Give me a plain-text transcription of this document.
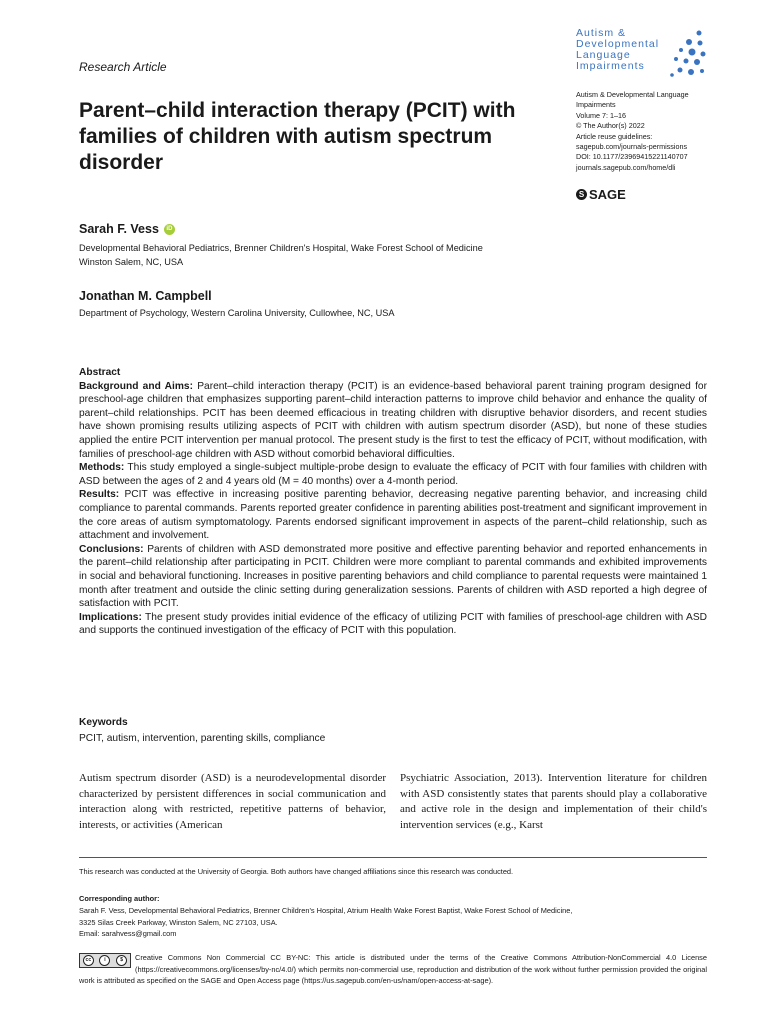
Research Article
Autism &
Developmental
Language
Impairments
Autism & Developmental Language
Impairments
Volume 7: 1–16
© The Author(s) 2022
Article reuse guidelines:
sagepub.com/journals-permissions
DOI: 10.1177/23969415221140707
journals.sagepub.com/home/dli
S SAGE
Parent–child interaction therapy (PCIT) with families of children with autism spectrum disorder
Sarah F. Vess	iD
Developmental Behavioral Pediatrics, Brenner Children's Hospital, Wake Forest School of Medicine
Winston Salem, NC, USA
Jonathan M. Campbell
Department of Psychology, Western Carolina University, Cullowhee, NC, USA
Abstract

Background and Aims: Parent–child interaction therapy (PCIT) is an evidence-based behavioral parent training program designed for preschool-age children that emphasizes supporting parent–child interaction patterns to improve child behavior and enhance the quality of parent–child relationships. PCIT has been deemed efficacious in treating children with disruptive behavior disorders, and recent studies have shown promising results utilizing aspects of PCIT with children with autism spectrum disorder (ASD), but none of these studies applied the entire PCIT intervention per manual protocol. The present study is the first to test the efficacy of PCIT, without modification, with families of preschool-age children with ASD without comorbid behavioral difficulties.

Methods: This study employed a single-subject multiple-probe design to evaluate the efficacy of PCIT with four families with children with ASD between the ages of 2 and 4 years old (M = 40 months) over a 4-month period.

Results: PCIT was effective in increasing positive parenting behavior, decreasing negative parenting behavior, and increasing child compliance to parental commands. Parents reported greater confidence in parenting abilities post-treatment and significant improvement in the core areas of autism symptomatology. Parents endorsed significant improvement in aspects of the parent–child relationship, such as attachment and involvement.

Conclusions: Parents of children with ASD demonstrated more positive and effective parenting behavior and reported enhancements in the parent–child relationship after participating in PCIT. Children were more compliant to parental commands and exhibited improvements in social and behavioral functioning. Increases in positive parenting behaviors and child compliance to parental requests were maintained 1 month after treatment and outside the clinic setting during generalization sessions. Parents of children with ASD reported a high degree of satisfaction with PCIT.

Implications: The present study provides initial evidence of the efficacy of utilizing PCIT with families of preschool-age children with ASD and supports the continued investigation of the efficacy of PCIT with this population.

Keywords
PCIT, autism, intervention, parenting skills, compliance
Autism spectrum disorder (ASD) is a neurodevelopmental disorder characterized by persistent differences in social communication and interaction along with restricted, repetitive patterns of behavior, interests, or activities (American
Psychiatric Association, 2013). Intervention literature for children with ASD consistently states that parents should play a collaborative and active role in the design and implementation of their child's intervention services (e.g., Karst
This research was conducted at the University of Georgia. Both authors have changed affiliations since this research was conducted.
Corresponding author:
Sarah F. Vess, Developmental Behavioral Pediatrics, Brenner Children's Hospital, Atrium Health Wake Forest Baptist, Wake Forest School of Medicine,
3325 Silas Creek Parkway, Winston Salem, NC 27103, USA.
Email: sarahvess@gmail.com
cc	i	$	Creative Commons Non Commercial CC BY-NC: This article is distributed under the terms of the Creative Commons Attribution-NonCommercial 4.0 License (https://creativecommons.org/licenses/by-nc/4.0/) which permits non-commercial use, reproduction and distribution of the work without further permission provided the original work is attributed as specified on the SAGE and Open Access page (https://us.sagepub.com/en-us/nam/open-access-at-sage).
